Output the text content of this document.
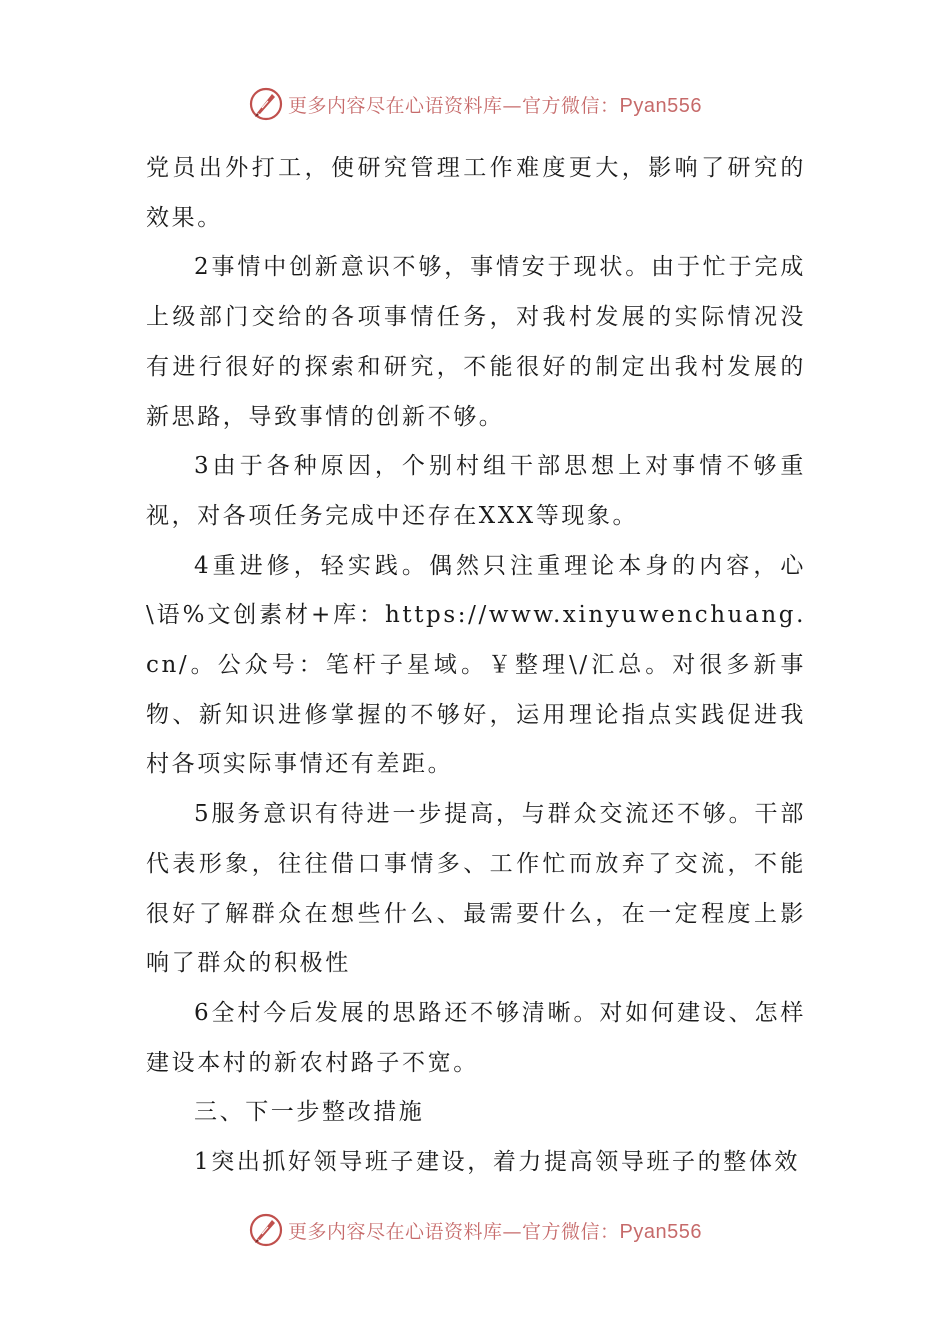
更多内容尽在心语资料库—官方微信：Pyan556

党员出外打工，使研究管理工作难度更大，影响了研究的效果。

2事情中创新意识不够，事情安于现状。由于忙于完成上级部门交给的各项事情任务，对我村发展的实际情况没有进行很好的探索和研究，不能很好的制定出我村发展的新思路，导致事情的创新不够。

3由于各种原因，个别村组干部思想上对事情不够重视，对各项任务完成中还存在XXX等现象。

4重进修，轻实践。偶然只注重理论本身的内容，心\语%文创素材+库：https://www.xinyuwenchuang.cn/。公众号：笔杆子星域。￥整理\/汇总。对很多新事物、新知识进修掌握的不够好，运用理论指点实践促进我村各项实际事情还有差距。

5服务意识有待进一步提高，与群众交流还不够。干部代表形象，往往借口事情多、工作忙而放弃了交流，不能很好了解群众在想些什么、最需要什么，在一定程度上影响了群众的积极性

6全村今后发展的思路还不够清晰。对如何建设、怎样建设本村的新农村路子不宽。

三、下一步整改措施

1突出抓好领导班子建设，着力提高领导班子的整体效

更多内容尽在心语资料库—官方微信：Pyan556
